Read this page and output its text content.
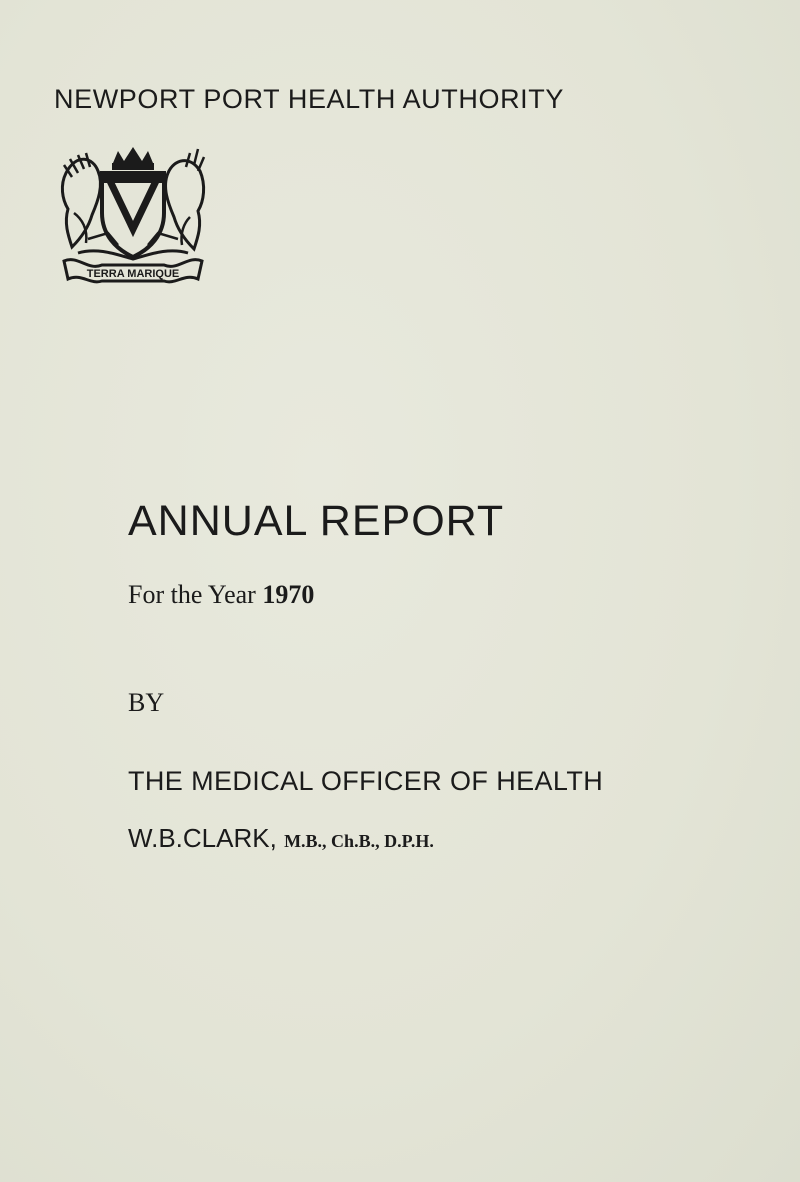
NEWPORT PORT HEALTH AUTHORITY
TERRA MARIQUE
ANNUAL REPORT
For the Year 1970
BY
THE MEDICAL OFFICER OF HEALTH
W.B.CLARK, M.B., Ch.B., D.P.H.
